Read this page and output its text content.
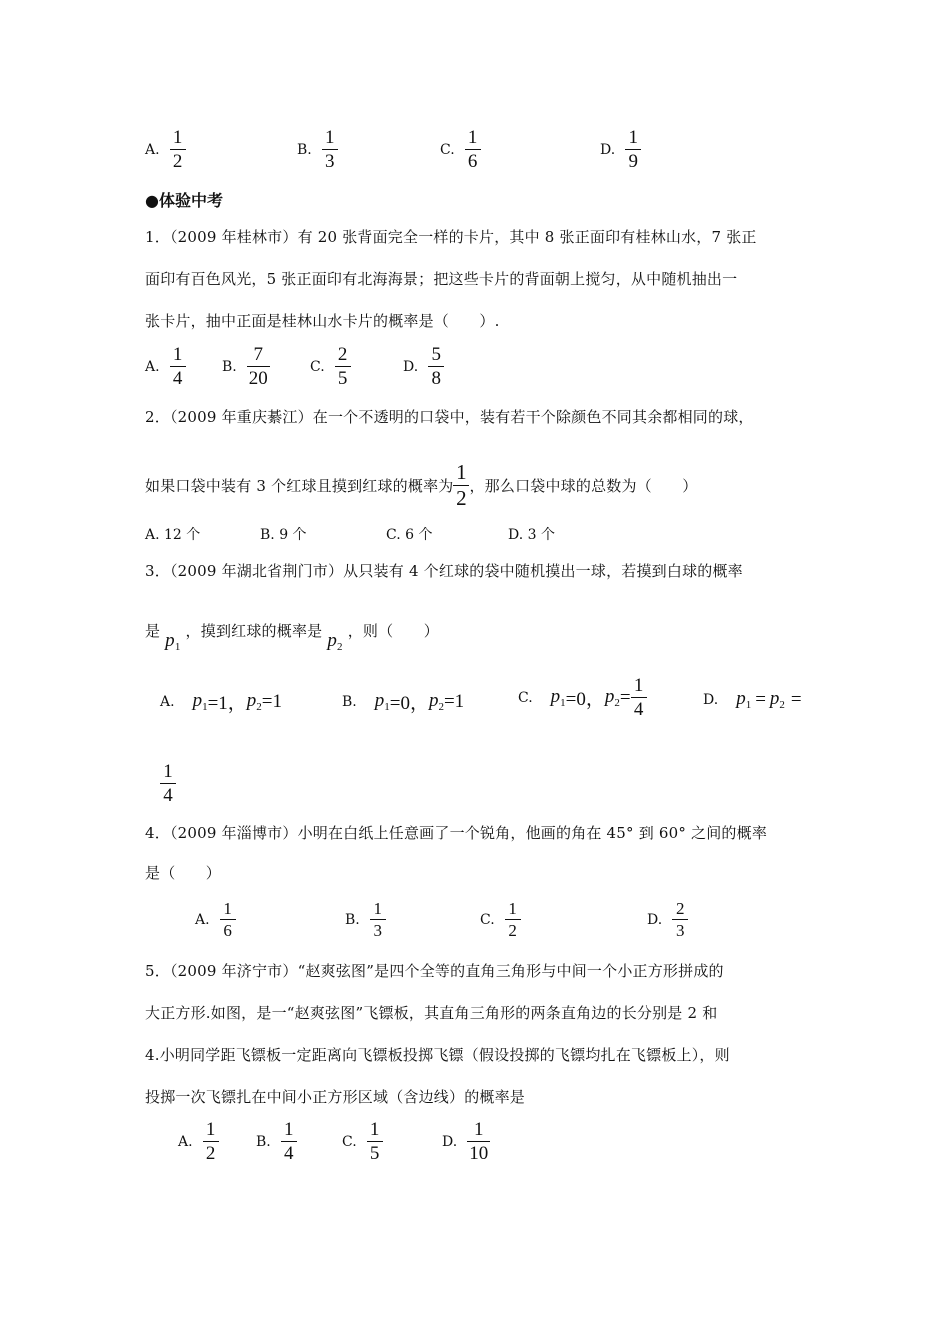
A. $\frac{1}{2}$	B. $\frac{1}{3}$	C. $\frac{1}{6}$	D. $\frac{1}{9}$
●体验中考
1．（2009 年桂林市）有 20 张背面完全一样的卡片，其中 8 张正面印有桂林山水，7 张正
面印有百色风光，5 张正面印有北海海景；把这些卡片的背面朝上搅匀，从中随机抽出一
张卡片，抽中正面是桂林山水卡片的概率是（　　）.
A. $\frac{1}{4}$	B. $\frac{7}{20}$	C. $\frac{2}{5}$	D. $\frac{5}{8}$
2．（2009 年重庆綦江）在一个不透明的口袋中，装有若干个除颜色不同其余都相同的球，
如果口袋中装有 3 个红球且摸到红球的概率为 $\frac{1}{2}$ ，那么口袋中球的总数为（　　）
A. 12 个	B. 9 个	C. 6 个	D. 3 个
3．（2009 年湖北省荆门市）从只装有 4 个红球的袋中随机摸出一球，若摸到白球的概率
是 $p_1$ ，摸到红球的概率是 $p_2$ ，则（　　）
A. $p_1 =1$， $p_2 =1$	B. $p_1 =0$， $p_2 =1$	C. $p_1 =0$， $p_2 = \frac{1}{4}$	D. $p_1 = p_2$ =
$\frac{1}{4}$
4．（2009 年淄博市）小明在白纸上任意画了一个锐角，他画的角在 45° 到 60° 之间的概率
是（　　）
A. $\frac{1}{6}$	B. $\frac{1}{3}$	C. $\frac{1}{2}$	D. $\frac{2}{3}$
5．（2009 年济宁市）“赵爽弦图”是四个全等的直角三角形与中间一个小正方形拼成的
大正方形.如图，是一“赵爽弦图”飞镖板，其直角三角形的两条直角边的长分别是 2 和
4.小明同学距飞镖板一定距离向飞镖板投掷飞镖（假设投掷的飞镖均扎在飞镖板上），则
投掷一次飞镖扎在中间小正方形区域（含边线）的概率是
A. $\frac{1}{2}$	B. $\frac{1}{4}$	C. $\frac{1}{5}$	D. $\frac{1}{10}$
